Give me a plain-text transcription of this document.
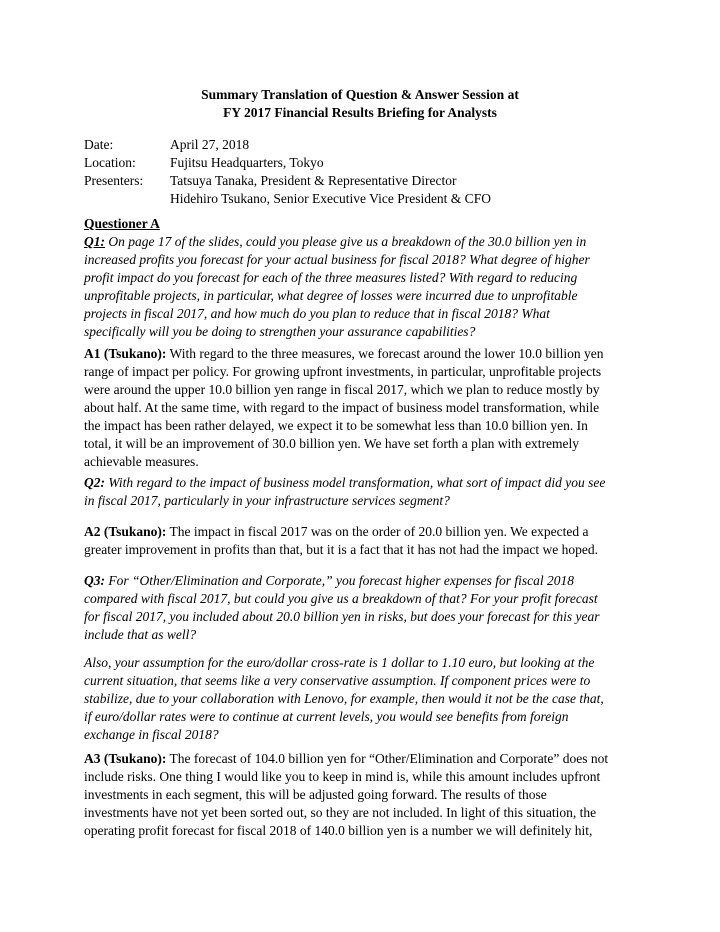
Summary Translation of Question & Answer Session at
FY 2017 Financial Results Briefing for Analysts
Date:	April 27, 2018
Location:	Fujitsu Headquarters, Tokyo
Presenters: Tatsuya Tanaka, President & Representative Director
Hidehiro Tsukano, Senior Executive Vice President & CFO
Questioner A
Q1: On page 17 of the slides, could you please give us a breakdown of the 30.0 billion yen in
increased profits you forecast for your actual business for fiscal 2018? What degree of higher
profit impact do you forecast for each of the three measures listed? With regard to reducing
unprofitable projects, in particular, what degree of losses were incurred due to unprofitable
projects in fiscal 2017, and how much do you plan to reduce that in fiscal 2018? What
specifically will you be doing to strengthen your assurance capabilities?
A1 (Tsukano): With regard to the three measures, we forecast around the lower 10.0 billion yen
range of impact per policy. For growing upfront investments, in particular, unprofitable projects
were around the upper 10.0 billion yen range in fiscal 2017, which we plan to reduce mostly by
about half. At the same time, with regard to the impact of business model transformation, while
the impact has been rather delayed, we expect it to be somewhat less than 10.0 billion yen. In
total, it will be an improvement of 30.0 billion yen. We have set forth a plan with extremely
achievable measures.
Q2: With regard to the impact of business model transformation, what sort of impact did you see
in fiscal 2017, particularly in your infrastructure services segment?
A2 (Tsukano): The impact in fiscal 2017 was on the order of 20.0 billion yen. We expected a
greater improvement in profits than that, but it is a fact that it has not had the impact we hoped.
Q3: For “Other/Elimination and Corporate,” you forecast higher expenses for fiscal 2018
compared with fiscal 2017, but could you give us a breakdown of that? For your profit forecast
for fiscal 2017, you included about 20.0 billion yen in risks, but does your forecast for this year
include that as well?
Also, your assumption for the euro/dollar cross-rate is 1 dollar to 1.10 euro, but looking at the
current situation, that seems like a very conservative assumption. If component prices were to
stabilize, due to your collaboration with Lenovo, for example, then would it not be the case that,
if euro/dollar rates were to continue at current levels, you would see benefits from foreign
exchange in fiscal 2018?
A3 (Tsukano): The forecast of 104.0 billion yen for “Other/Elimination and Corporate” does not
include risks. One thing I would like you to keep in mind is, while this amount includes upfront
investments in each segment, this will be adjusted going forward. The results of those
investments have not yet been sorted out, so they are not included. In light of this situation, the
operating profit forecast for fiscal 2018 of 140.0 billion yen is a number we will definitely hit,
